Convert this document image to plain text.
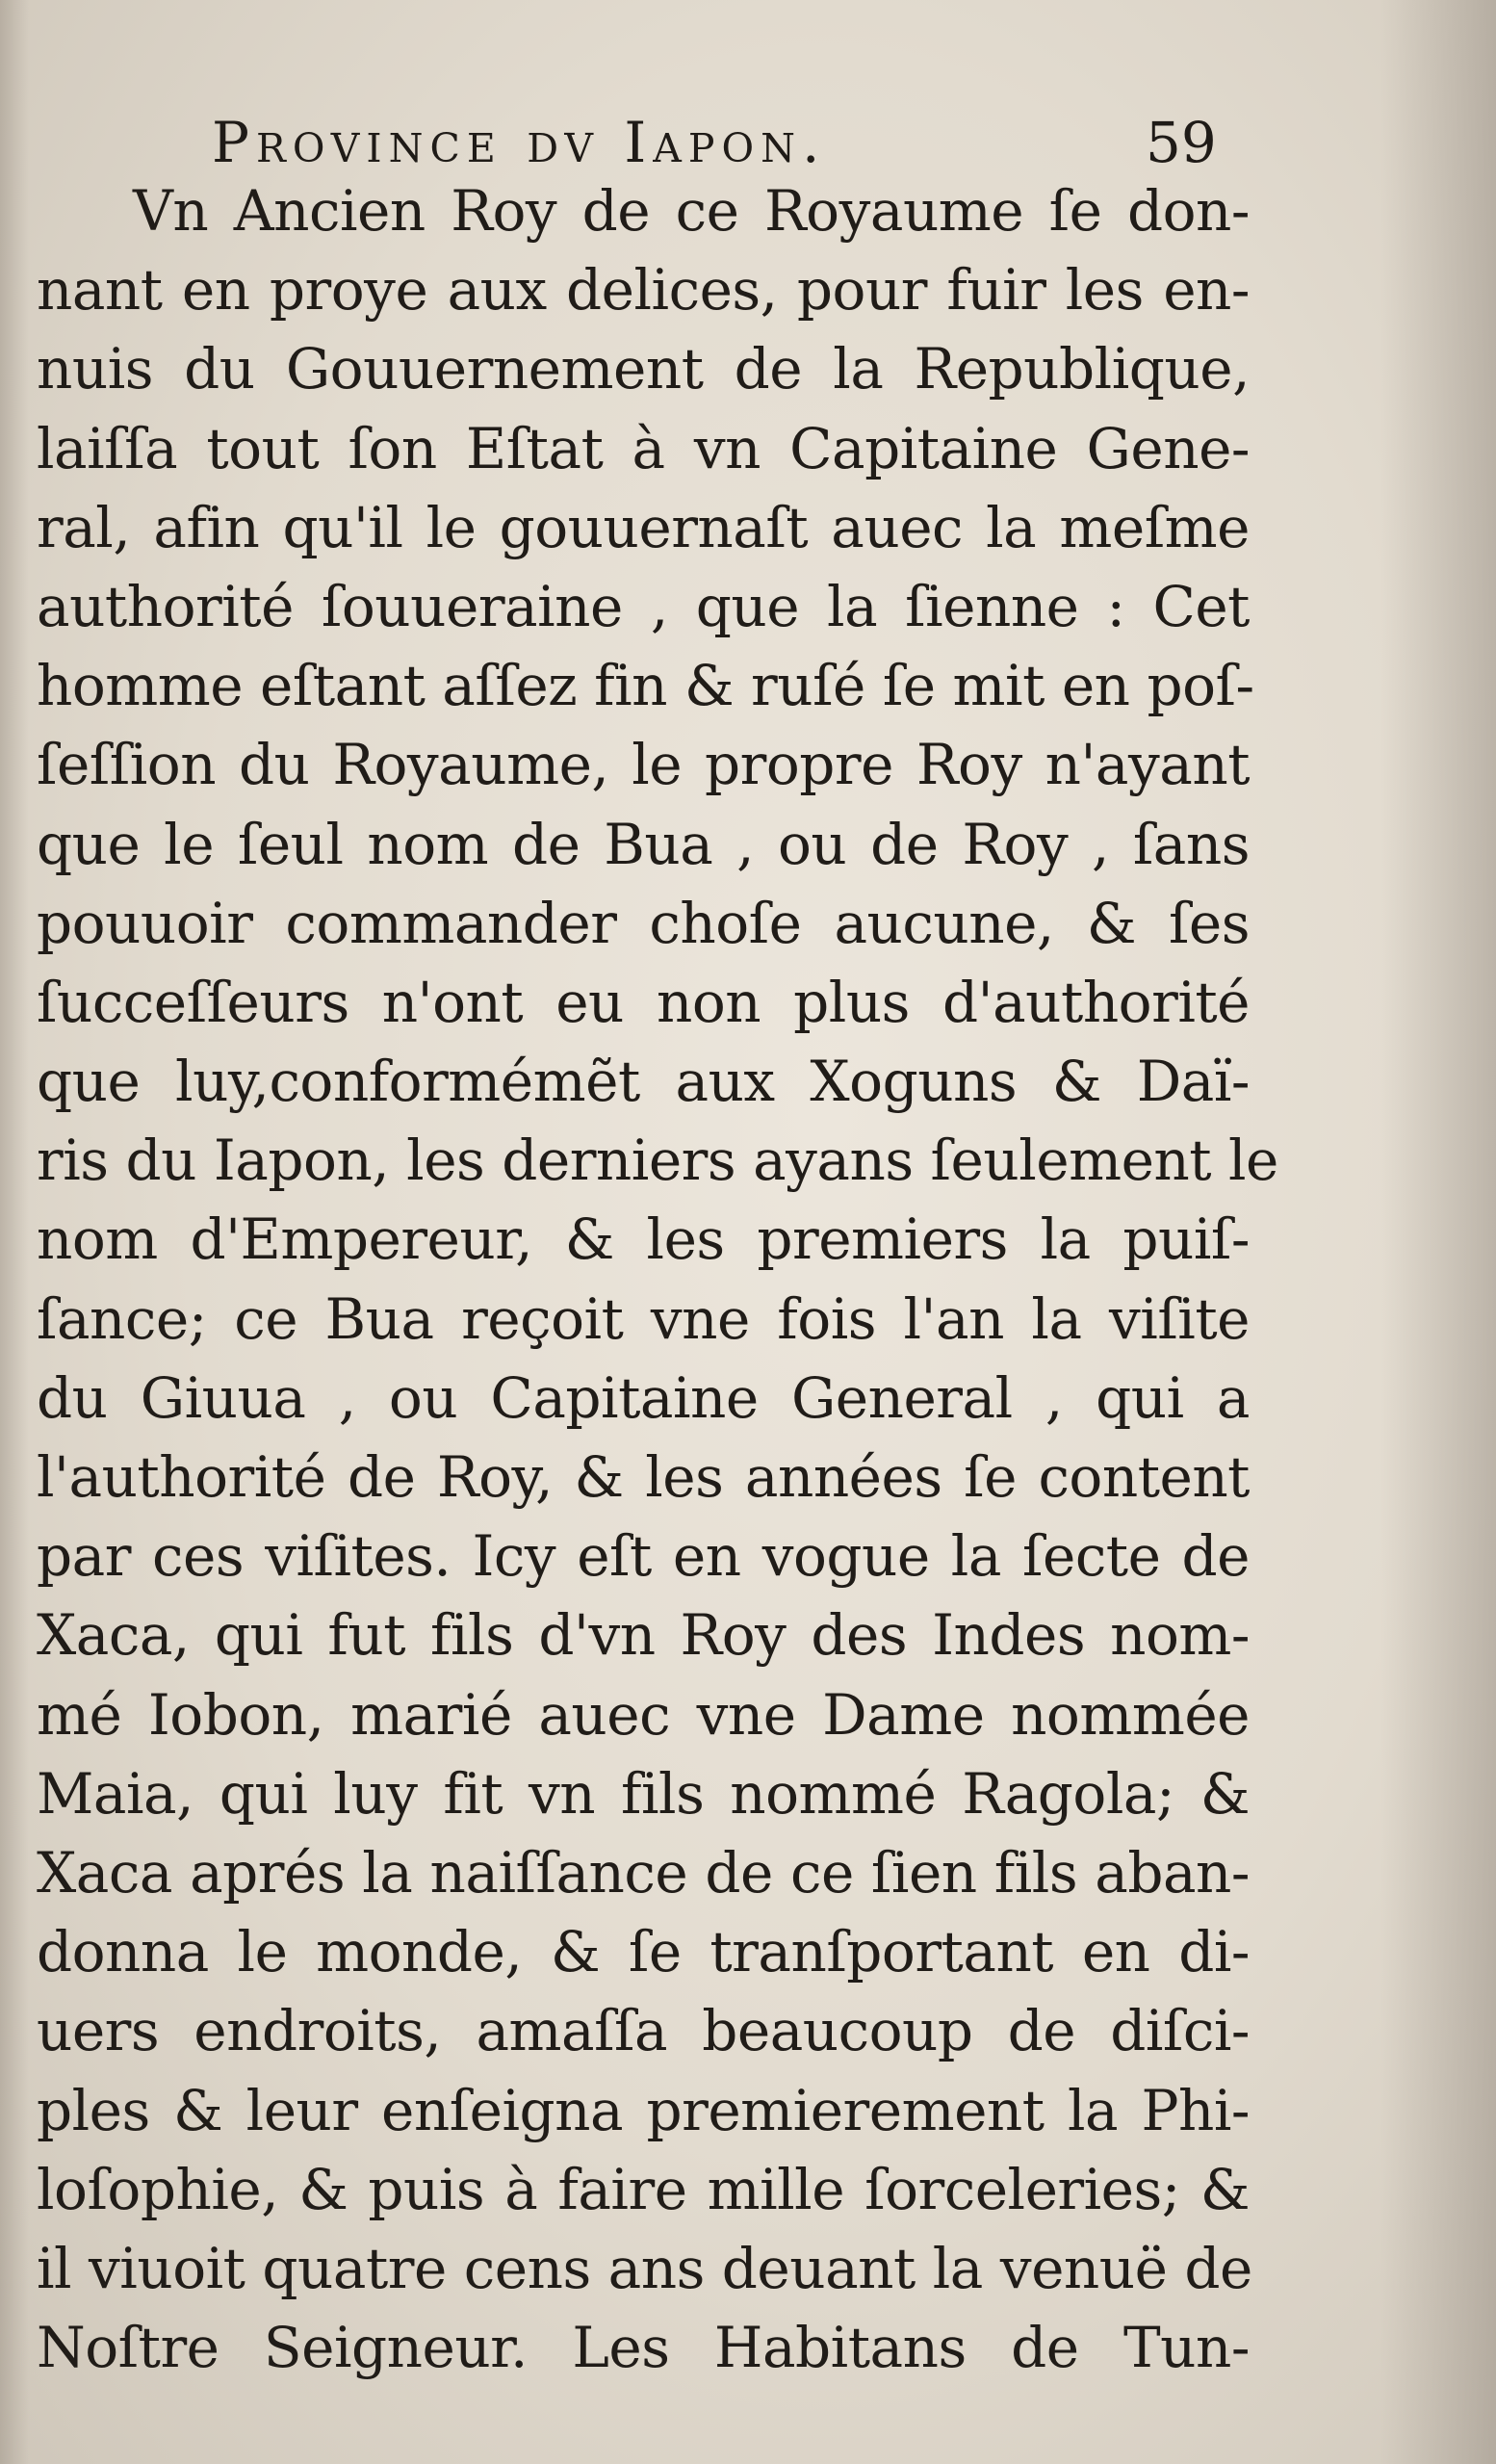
Province dv Iapon.	59
Vn Ancien Roy de ce Royaume ſe don-
nant en proye aux delices, pour fuir les en-
nuis du Gouuernement de la Republique,
laiſſa tout ſon Eſtat à vn Capitaine Gene-
ral, afin qu'il le gouuernaſt auec la meſme
authorité ſouueraine , que la ſienne : Cet
homme eſtant aſſez fin & ruſé ſe mit en poſ-
ſeſſion du Royaume, le propre Roy n'ayant
que le ſeul nom de Bua , ou de Roy , ſans
pouuoir commander choſe aucune, & ſes
ſucceſſeurs n'ont eu non plus d'authorité
que luy,conformémẽt aux Xoguns & Daï-
ris du Iapon, les derniers ayans ſeulement le
nom d'Empereur, & les premiers la puiſ-
ſance; ce Bua reçoit vne fois l'an la viſite
du Giuua , ou Capitaine General , qui a
l'authorité de Roy, & les années ſe content
par ces viſites. Icy eſt en vogue la ſecte de
Xaca, qui fut fils d'vn Roy des Indes nom-
mé Iobon, marié auec vne Dame nommée
Maia, qui luy fit vn fils nommé Ragola; &
Xaca aprés la naiſſance de ce ſien fils aban-
donna le monde, & ſe tranſportant en di-
uers endroits, amaſſa beaucoup de diſci-
ples & leur enſeigna premierement la Phi-
loſophie, & puis à faire mille ſorceleries; &
il viuoit quatre cens ans deuant la venuë de
Noſtre Seigneur. Les Habitans de Tun-
